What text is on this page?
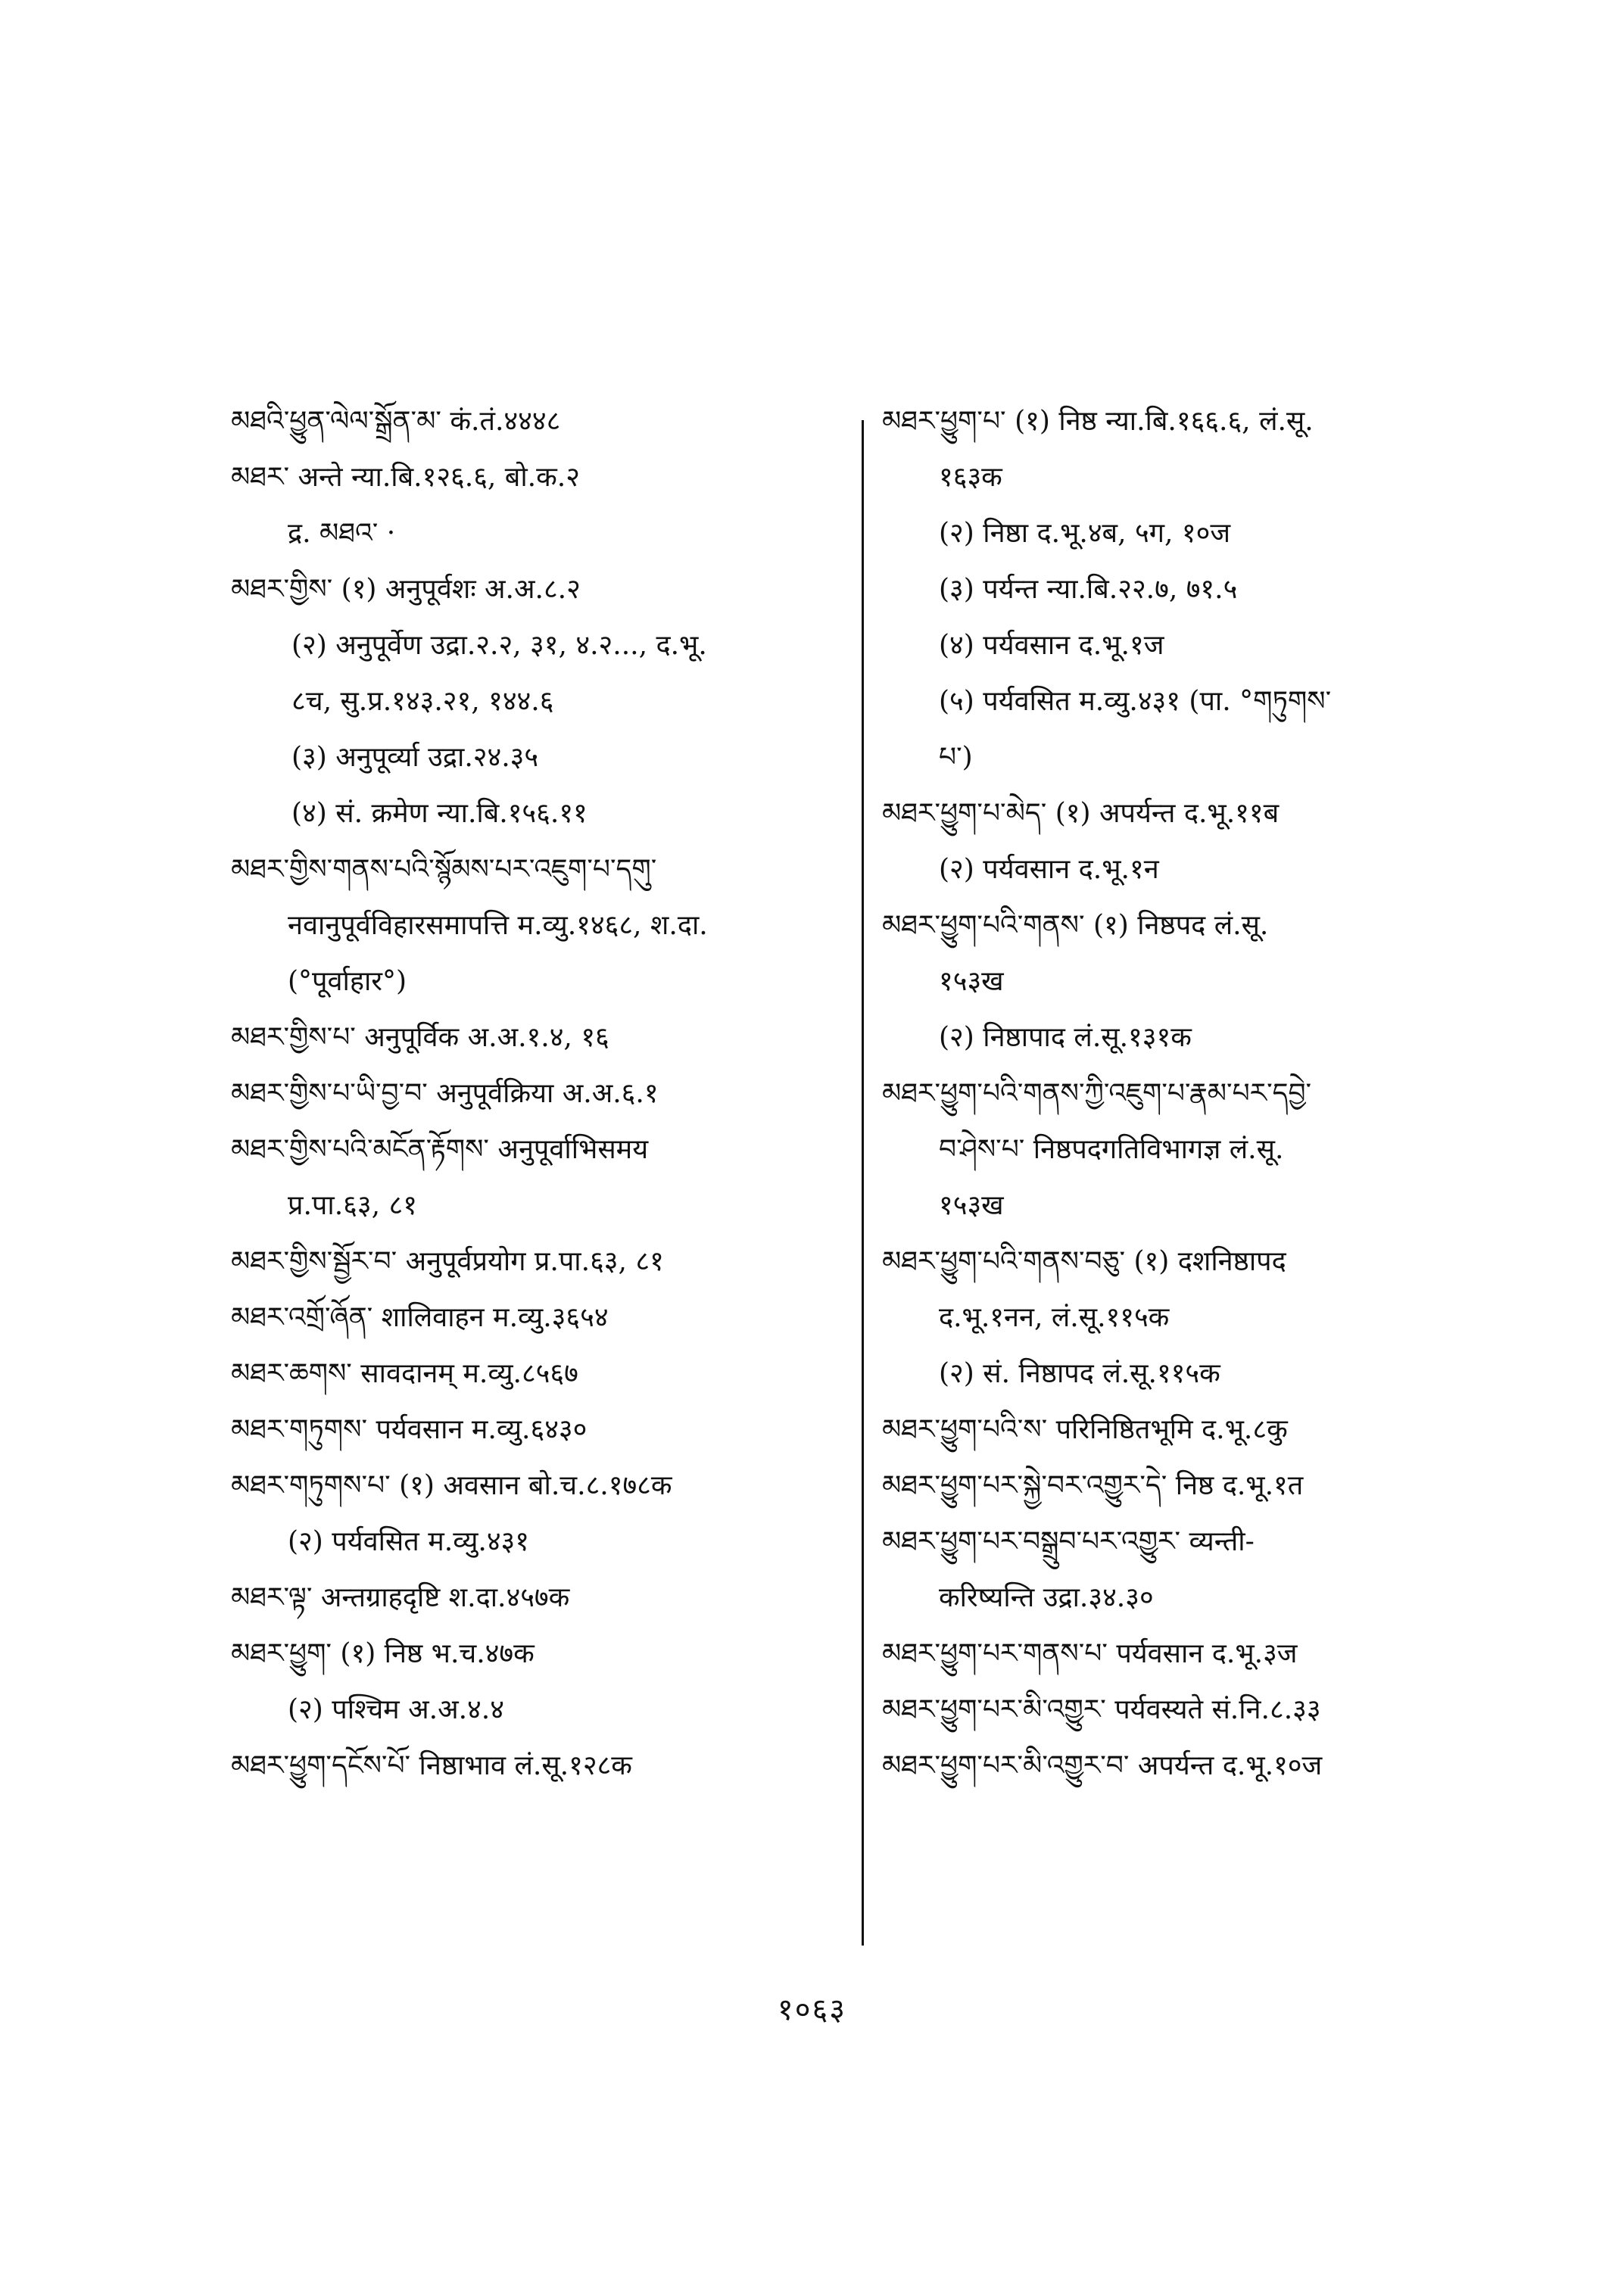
མཐའི་ཕྱུན་ལེལ་སྒྲོན་མ་ कं.तं.४४४८
མཐར་ अन्ते न्या.बि.१२६.६, बो.क.२
द्र. མཐའ་ ·
མཐར་གྱིས་ (१) अनुपूर्वशः अ.अ.८.२
(२) अनुपूर्वेण उद्रा.२.२, ३१, ४.२..., द.भू.
८च, सु.प्र.१४३.२१, १४४.६
(३) अनुपूर्व्या उद्रा.२४.३५
(४) सं. क्रमेण न्या.बि.१५६.११
མཐར་གྱིས་གནས་པའི་སྙོམས་པར་འཇུག་པ་དགུ་
नवानुपूर्वविहारसमापत्ति म.व्यु.१४६८, श.दा.
(°पूर्वाहार°)
མཐར་གྱིས་པ་ अनुपूर्विक अ.अ.१.४, १६
མཐར་གྱིས་པ་ཡི་བྱ་བ་ अनुपूर्वक्रिया अ.अ.६.१
མཐར་གྱིས་པའི་མངོན་རྟོགས་ अनुपूर्वाभिसमय
प्र.पा.६३, ८१
མཐར་གྱིས་སྦྱོར་བ་ अनुपूर्वप्रयोग प्र.पा.६३, ८१
མཐར་འགྲོ་ཞོན་ शालिवाहन म.व्यु.३६५४
མཐར་ཆགས་ सावदानम् म.व्यु.८५६७
མཐར་གཏུགས་ पर्यवसान म.व्यु.६४३०
མཐར་གཏུགས་པ་ (१) अवसान बो.च.८.१७८क
(२) पर्यवसित म.व्यु.४३१
མཐར་ལྟ་ अन्तग्राहदृष्टि श.दा.४५७क
མཐར་ཕྱུག་ (१) निष्ठ भ.च.४७क
(२) पश्चिम अ.अ.४.४
མཐར་ཕྱུག་དངོས་པོ་ निष्ठाभाव लं.सू.१२८क
མཐར་ཕྱུག་པ་ (१) निष्ठ न्या.बि.१६६.६, लं.सू.
१६३क
(२) निष्ठा द.भू.४ब, ५ग, १०ज
(३) पर्यन्त न्या.बि.२२.७, ७१.५
(४) पर्यवसान द.भू.१ज
(५) पर्यवसित म.व्यु.४३१ (पा. °གཏུགས་
པ་)
མཐར་ཕྱུག་པ་མེད་ (१) अपर्यन्त द.भू.११ब
(२) पर्यवसान द.भू.१न
མཐར་ཕྱུག་པའི་གནས་ (१) निष्ठपद लं.सू.
१५३ख
(२) निष्ठापाद लं.सू.१३१क
མཐར་ཕྱུག་པའི་གནས་ཀྱི་འཇུག་པ་རྣམ་པར་དབྱེ་
བ་ཤེས་པ་ निष्ठपदगतिविभागज्ञ लं.सू.
१५३ख
མཐར་ཕྱུག་པའི་གནས་བཅུ་ (१) दशनिष्ठापद
द.भू.१नन, लं.सू.११५क
(२) सं. निष्ठापद लं.सू.११५क
མཐར་ཕྱུག་པའི་ས་ परिनिष्ठितभूमि द.भू.८कु
མཐར་ཕྱུག་པར་སྐྱེ་བར་འགྱུར་དེ་ निष्ठ द.भू.१त
མཐར་ཕྱུག་པར་བསྒྲུབ་པར་འགྱུར་ व्यन्ती-
करिष्यन्ति उद्रा.३४.३०
མཐར་ཕྱུག་པར་གནས་པ་ पर्यवसान द.भू.३ज
མཐར་ཕྱུག་པར་མི་འགྱུར་ पर्यवस्यते सं.नि.८.३३
མཐར་ཕྱུག་པར་མི་འགྱུར་བ་ अपर्यन्त द.भू.१०ज
१०६३
